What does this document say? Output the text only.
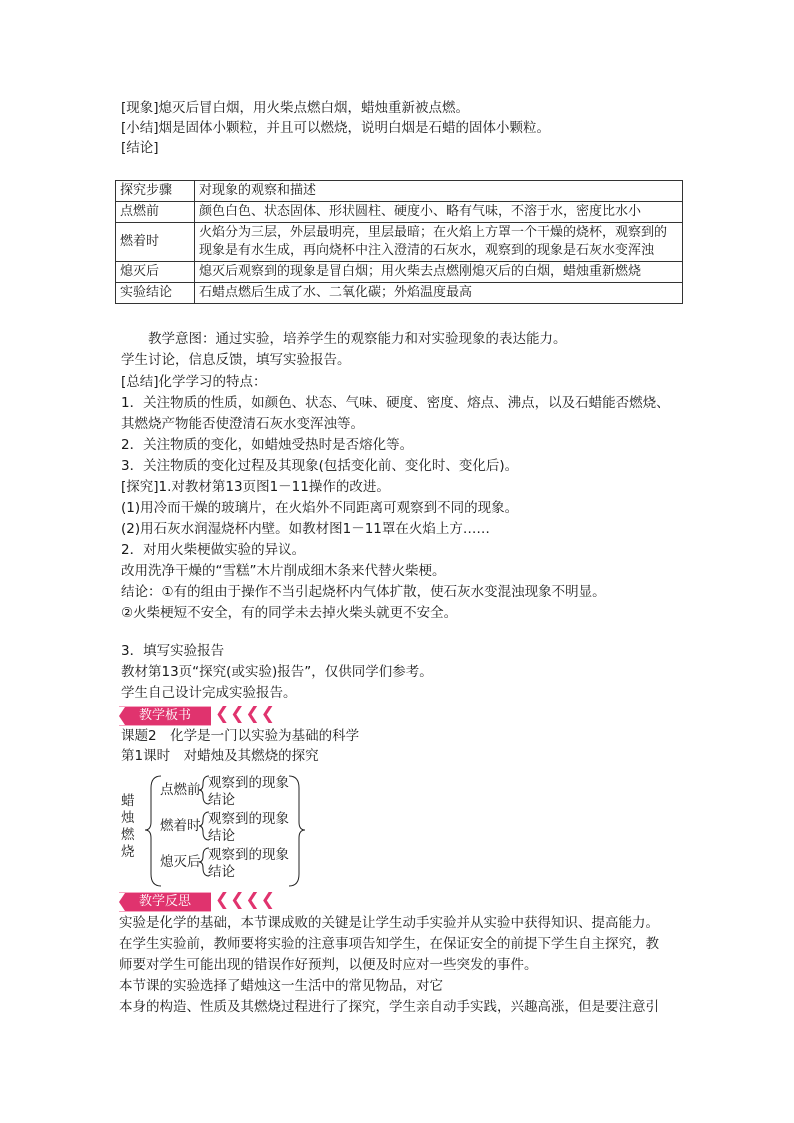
[现象]熄灭后冒白烟，用火柴点燃白烟，蜡烛重新被点燃。
[小结]烟是固体小颗粒，并且可以燃烧，说明白烟是石蜡的固体小颗粒。
[结论]
探究步骤	对现象的观察和描述
点燃前	颜色白色、状态固体、形状圆柱、硬度小、略有气味，不溶于水，密度比水小
燃着时	火焰分为三层，外层最明亮，里层最暗；在火焰上方罩一个干燥的烧杯，观察到的现象是有水生成，再向烧杯中注入澄清的石灰水，观察到的现象是石灰水变浑浊
熄灭后	熄灭后观察到的现象是冒白烟；用火柴去点燃刚熄灭后的白烟，蜡烛重新燃烧
实验结论	石蜡点燃后生成了水、二氧化碳；外焰温度最高
　　教学意图：通过实验，培养学生的观察能力和对实验现象的表达能力。
学生讨论，信息反馈，填写实验报告。
[总结]化学学习的特点：
1．关注物质的性质，如颜色、状态、气味、硬度、密度、熔点、沸点，以及石蜡能否燃烧、
其燃烧产物能否使澄清石灰水变浑浊等。
2．关注物质的变化，如蜡烛受热时是否熔化等。
3．关注物质的变化过程及其现象(包括变化前、变化时、变化后)。
[探究]1.对教材第13页图1－11操作的改进。
(1)用冷而干燥的玻璃片，在火焰外不同距离可观察到不同的现象。
(2)用石灰水润湿烧杯内壁。如教材图1－11罩在火焰上方……
2．对用火柴梗做实验的异议。
改用洗净干燥的“雪糕”木片削成细木条来代替火柴梗。
结论：①有的组由于操作不当引起烧杯内气体扩散，使石灰水变混浊现象不明显。
②火柴梗短不安全，有的同学未去掉火柴头就更不安全。
3．填写实验报告
教材第13页“探究(或实验)报告”，仅供同学们参考。
学生自己设计完成实验报告。
教学板书	❮❮❮❮
课题2　化学是一门以实验为基础的科学
第1课时　对蜡烛及其燃烧的探究
蜡
烛
燃
烧
点燃前
燃着时
熄灭后
观察到的现象
结论
观察到的现象
结论
观察到的现象
结论
教学反思	❮❮❮❮
实验是化学的基础，本节课成败的关键是让学生动手实验并从实验中获得知识、提高能力。
在学生实验前，教师要将实验的注意事项告知学生，在保证安全的前提下学生自主探究，教
师要对学生可能出现的错误作好预判，以便及时应对一些突发的事件。
本节课的实验选择了蜡烛这一生活中的常见物品，对它
本身的构造、性质及其燃烧过程进行了探究，学生亲自动手实践，兴趣高涨，但是要注意引
